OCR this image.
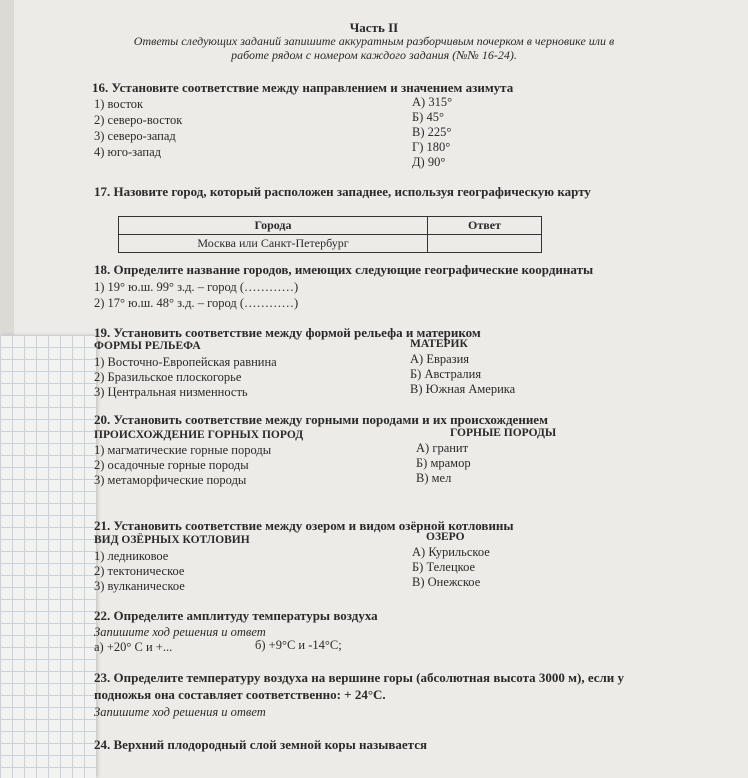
Часть II
Ответы следующих заданий запишите аккуратным разборчивым почерком в черновике или в
работе рядом с номером каждого задания (№№ 16-24).
16. Установите соответствие между направлением и значением азимута
1) восток
2) северо-восток
3) северо-запад
4) юго-запад
А) 315°
Б) 45°
В) 225°
Г) 180°
Д) 90°
17. Назовите город, который расположен западнее, используя географическую карту
Города	Ответ
Москва или Санкт-Петербург	
18. Определите название городов, имеющих следующие географические координаты
1) 19° ю.ш. 99° з.д. – город (…………)
2) 17° ю.ш. 48° з.д. – город (…………)
19. Установить соответствие между формой рельефа и материком
ФОРМЫ РЕЛЬЕФА	МАТЕРИК
1) Восточно-Европейская равнина
2) Бразильское плоскогорье
3) Центральная низменность
А) Евразия
Б) Австралия
В) Южная Америка
20. Установить соответствие между горными породами и их происхождением
ПРОИСХОЖДЕНИЕ ГОРНЫХ ПОРОД	ГОРНЫЕ ПОРОДЫ
1) магматические горные породы
2) осадочные горные породы
3) метаморфические породы
А) гранит
Б) мрамор
В) мел
21. Установить соответствие между озером и видом озёрной котловины
ВИД ОЗЁРНЫХ КОТЛОВИН	ОЗЕРО
1) ледниковое
2) тектоническое
3) вулканическое
А) Курильское
Б) Телецкое
В) Онежское
22. Определите амплитуду температуры воздуха
Запишите ход решения и ответ
а) +20° С и +...	б) +9°С и -14°С;
23. Определите температуру воздуха на вершине горы (абсолютная высота 3000 м), если у
подножья она составляет соответственно: + 24°С.
Запишите ход решения и ответ
24. Верхний плодородный слой земной коры называется
